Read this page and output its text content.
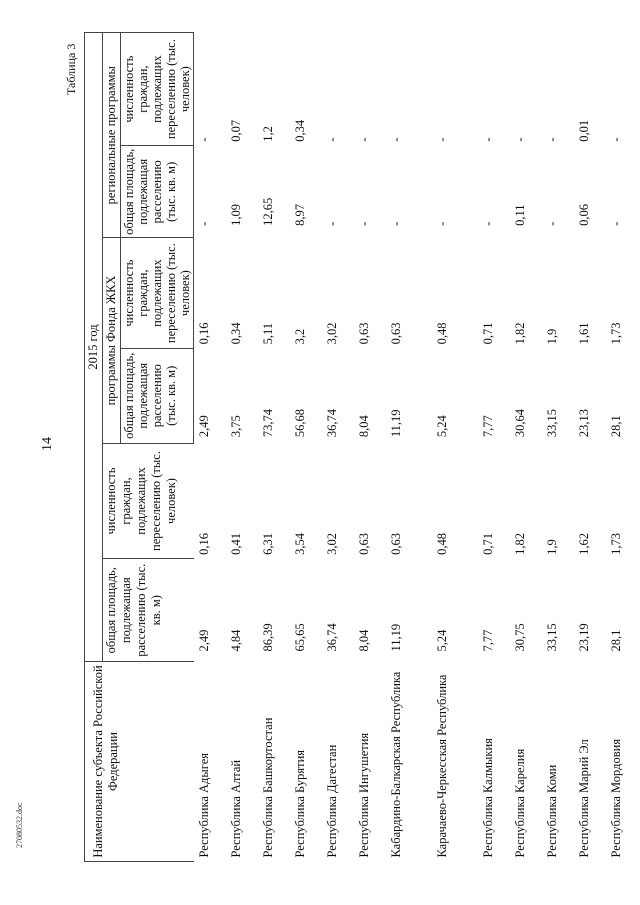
14
Таблица 3
27080532.doc	Наименование субъекта Российской Федерации	2015 год					
	общая площадь, подлежащая расселению (тыс. кв. м)	численность граждан, подлежащих переселению (тыс. человек)	программы Фонда ЖКХ		региональные программы	
			общая площадь, подлежащая расселению (тыс. кв. м)	численность граждан, подлежащих переселению (тыс. человек)	общая площадь, подлежащая расселению (тыс. кв. м)	численность граждан, подлежащих переселению (тыс. человек)
Республика Адыгея	2,49	0,16	2,49	0,16	-	-
Республика Алтай	4,84	0,41	3,75	0,34	1,09	0,07
Республика Башкортостан	86,39	6,31	73,74	5,11	12,65	1,2
Республика Бурятия	65,65	3,54	56,68	3,2	8,97	0,34
Республика Дагестан	36,74	3,02	36,74	3,02	-	-
Республика Ингушетия	8,04	0,63	8,04	0,63	-	-
Кабардино-Балкарская Республика	11,19	0,63	11,19	0,63	-	-
Карачаево-Черкесская Республика	5,24	0,48	5,24	0,48	-	-
Республика Калмыкия	7,77	0,71	7,77	0,71	-	-
Республика Карелия	30,75	1,82	30,64	1,82	0,11	-
Республика Коми	33,15	1,9	33,15	1,9	-	-
Республика Марий Эл	23,19	1,62	23,13	1,61	0,06	0,01
Республика Мордовия	28,1	1,73	28,1	1,73	-	-
